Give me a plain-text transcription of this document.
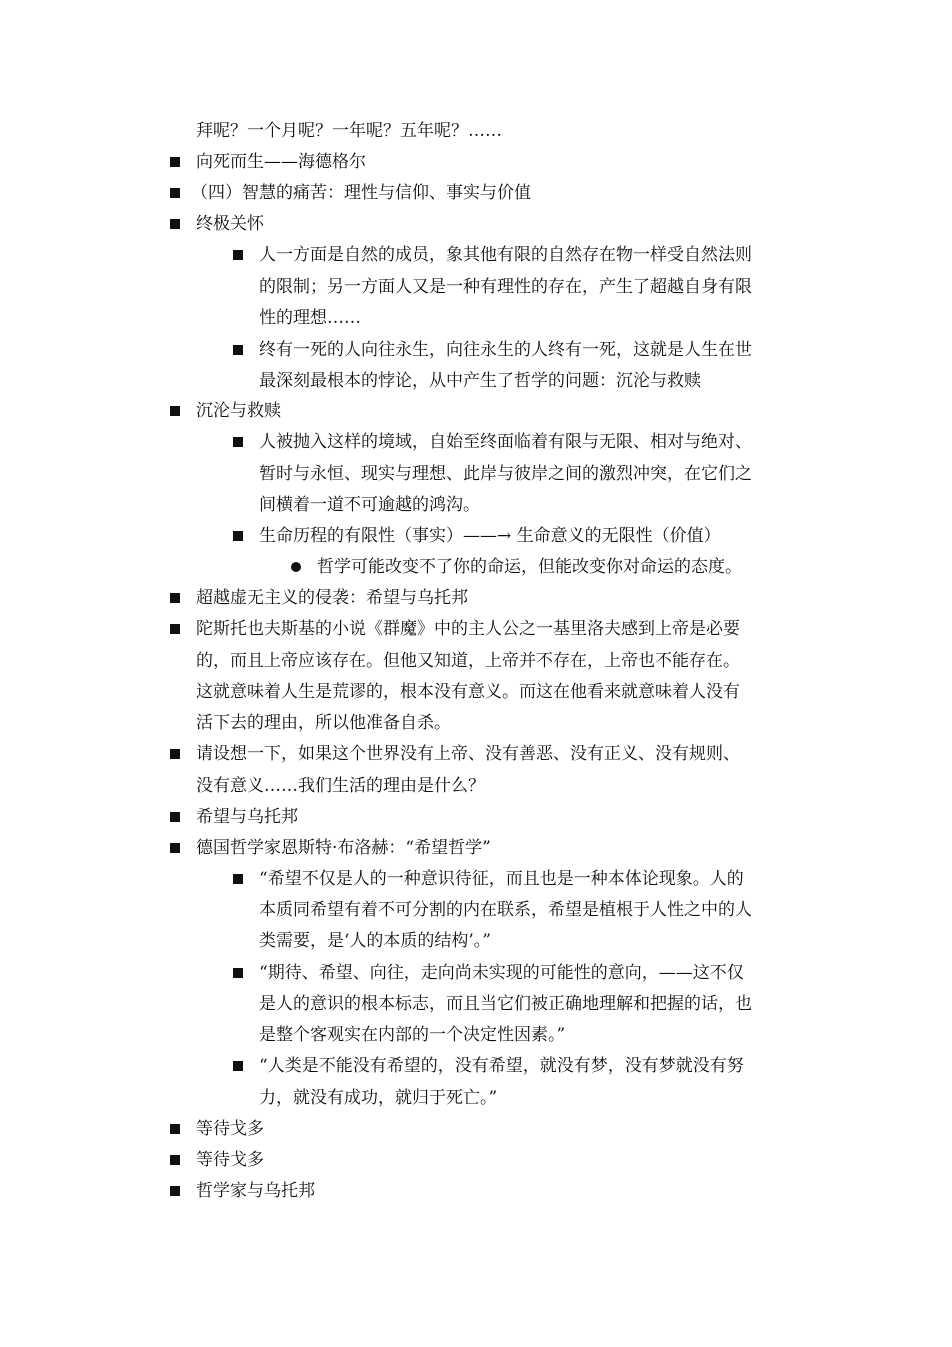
拜呢？一个月呢？一年呢？五年呢？……
向死而生——海德格尔
（四）智慧的痛苦：理性与信仰、事实与价值
终极关怀
人一方面是自然的成员，象其他有限的自然存在物一样受自然法则
的限制；另一方面人又是一种有理性的存在，产生了超越自身有限
性的理想……
终有一死的人向往永生，向往永生的人终有一死，这就是人生在世
最深刻最根本的悖论，从中产生了哲学的问题：沉沦与救赎
沉沦与救赎
人被抛入这样的境域，自始至终面临着有限与无限、相对与绝对、
暂时与永恒、现实与理想、此岸与彼岸之间的激烈冲突，在它们之
间横着一道不可逾越的鸿沟。
生命历程的有限性（事实）——→ 生命意义的无限性（价值）
哲学可能改变不了你的命运，但能改变你对命运的态度。
超越虚无主义的侵袭：希望与乌托邦
陀斯托也夫斯基的小说《群魔》中的主人公之一基里洛夫感到上帝是必要
的，而且上帝应该存在。但他又知道，上帝并不存在，上帝也不能存在。
这就意味着人生是荒谬的，根本没有意义。而这在他看来就意味着人没有
活下去的理由，所以他准备自杀。
请设想一下，如果这个世界没有上帝、没有善恶、没有正义、没有规则、
没有意义……我们生活的理由是什么？
希望与乌托邦
德国哲学家恩斯特·布洛赫：“希望哲学”
“希望不仅是人的一种意识待征，而且也是一种本体论现象。人的
本质同希望有着不可分割的内在联系，希望是植根于人性之中的人
类需要，是‘人的本质的结构’。”
“期待、希望、向往，走向尚未实现的可能性的意向，——这不仅
是人的意识的根本标志，而且当它们被正确地理解和把握的话，也
是整个客观实在内部的一个决定性因素。”
“人类是不能没有希望的，没有希望，就没有梦，没有梦就没有努
力，就没有成功，就归于死亡。”
等待戈多
等待戈多
哲学家与乌托邦
